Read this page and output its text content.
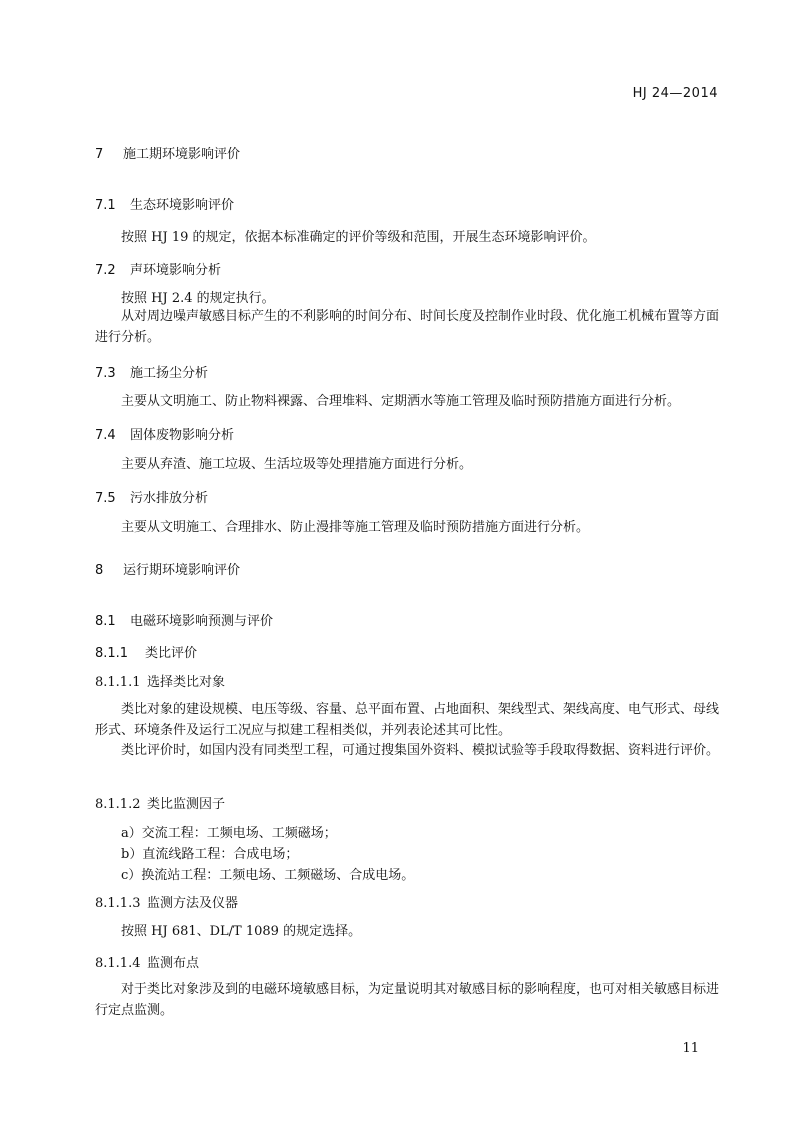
HJ 24—2014
7 施工期环境影响评价
7.1 生态环境影响评价
按照 HJ 19 的规定，依据本标准确定的评价等级和范围，开展生态环境影响评价。
7.2 声环境影响分析
按照 HJ 2.4 的规定执行。
从对周边噪声敏感目标产生的不利影响的时间分布、时间长度及控制作业时段、优化施工机械布置等方面进行分析。
7.3 施工扬尘分析
主要从文明施工、防止物料裸露、合理堆料、定期洒水等施工管理及临时预防措施方面进行分析。
7.4 固体废物影响分析
主要从弃渣、施工垃圾、生活垃圾等处理措施方面进行分析。
7.5 污水排放分析
主要从文明施工、合理排水、防止漫排等施工管理及临时预防措施方面进行分析。
8 运行期环境影响评价
8.1 电磁环境影响预测与评价
8.1.1 类比评价
8.1.1.1 选择类比对象
类比对象的建设规模、电压等级、容量、总平面布置、占地面积、架线型式、架线高度、电气形式、母线形式、环境条件及运行工况应与拟建工程相类似，并列表论述其可比性。
类比评价时，如国内没有同类型工程，可通过搜集国外资料、模拟试验等手段取得数据、资料进行评价。
8.1.1.2 类比监测因子
a）交流工程：工频电场、工频磁场；
b）直流线路工程：合成电场；
c）换流站工程：工频电场、工频磁场、合成电场。
8.1.1.3 监测方法及仪器
按照 HJ 681、DL/T 1089 的规定选择。
8.1.1.4 监测布点
对于类比对象涉及到的电磁环境敏感目标，为定量说明其对敏感目标的影响程度，也可对相关敏感目标进行定点监测。
11
